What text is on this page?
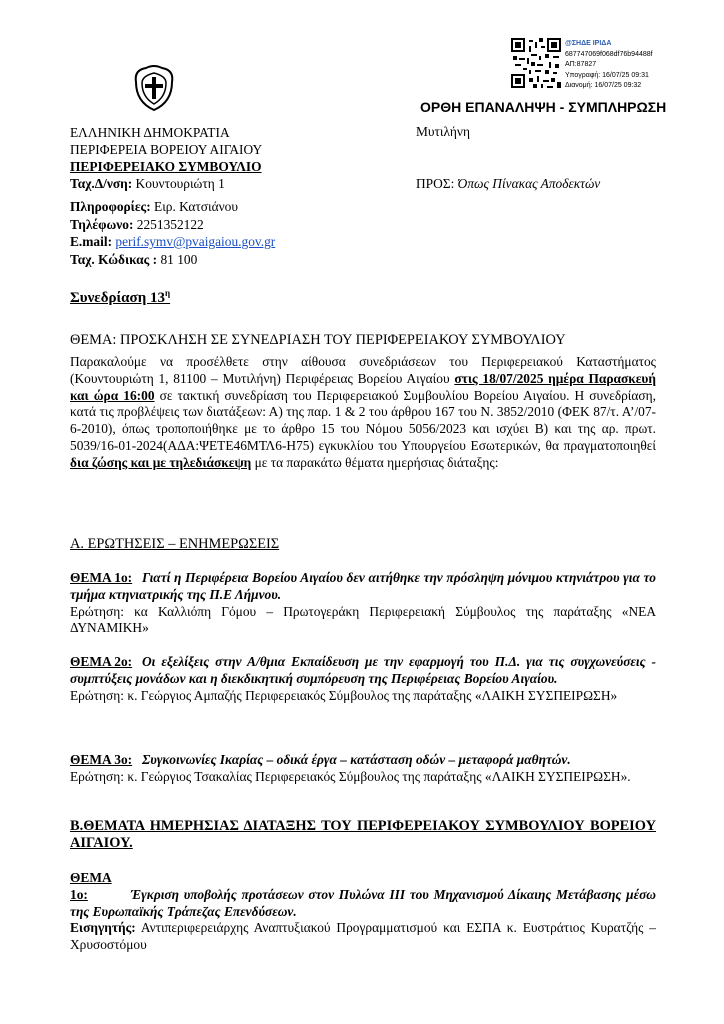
@ΣΗΔΕ ΙΡΙΔΑ
687747069f068df76b94488f
ΑΠ:87827
Υπογραφή: 16/07/25 09:31
Διανομή: 16/07/25 09:32
ΟΡΘΗ ΕΠΑΝΑΛΗΨΗ - ΣΥΜΠΛΗΡΩΣΗ
ΕΛΛΗΝΙΚΗ ΔΗΜΟΚΡΑΤΙΑ
ΠΕΡΙΦΕΡΕΙΑ ΒΟΡΕΙΟΥ ΑΙΓΑΙΟΥ
ΠΕΡΙΦΕΡΕΙΑΚΟ ΣΥΜΒΟΥΛΙΟ
Ταχ.Δ/νση: Κουντουριώτη 1
Μυτιλήνη
ΠΡΟΣ: Όπως Πίνακας Αποδεκτών
Πληροφορίες: Ειρ. Κατσιάνου
Τηλέφωνο: 2251352122
E.mail: perif.symv@pvaigaiou.gov.gr
Ταχ. Κώδικας : 81 100
Συνεδρίαση $13^\eta$
ΘΕΜΑ: ΠΡΟΣΚΛΗΣΗ ΣΕ ΣΥΝΕΔΡΙΑΣΗ ΤΟΥ ΠΕΡΙΦΕΡΕΙΑΚΟΥ ΣΥΜΒΟΥΛΙΟΥ
Παρακαλούμε να προσέλθετε στην αίθουσα συνεδριάσεων του Περιφερειακού Καταστήματος (Κουντουριώτη 1, 81100 – Μυτιλήνη) Περιφέρειας Βορείου Αιγαίου στις 18/07/2025 ημέρα Παρασκευή και ώρα 16:00 σε τακτική συνεδρίαση του Περιφερειακού Συμβουλίου Βορείου Αιγαίου. Η συνεδρίαση, κατά τις προβλέψεις των διατάξεων: Α) της παρ. 1 & 2 του άρθρου 167 του Ν. 3852/2010 (ΦΕΚ 87/τ. Α’/07-6-2010), όπως τροποποιήθηκε με το άρθρο 15 του Νόμου 5056/2023 και ισχύει Β) και της αρ. πρωτ. 5039/16-01-2024(ΑΔΑ:ΨΕΤΕ46ΜΤΛ6-Η75) εγκυκλίου του Υπουργείου Εσωτερικών, θα πραγματοποιηθεί δια ζώσης και με τηλεδιάσκεψη με τα παρακάτω θέματα ημερήσιας διάταξης:
Α. ΕΡΩΤΗΣΕΙΣ – ΕΝΗΜΕΡΩΣΕΙΣ
ΘΕΜΑ 1ο: Γιατί η Περιφέρεια Βορείου Αιγαίου δεν αιτήθηκε την πρόσληψη μόνιμου κτηνιάτρου για το τμήμα κτηνιατρικής της Π.Ε Λήμνου.
Ερώτηση: κα Καλλιόπη Γόμου – Πρωτογεράκη Περιφερειακή Σύμβουλος της παράταξης «ΝΕΑ ΔΥΝΑΜΙΚΗ»
ΘΕΜΑ 2ο: Οι εξελίξεις στην Α/θμια Εκπαίδευση με την εφαρμογή του Π.Δ. για τις συγχωνεύσεις - συμπτύξεις μονάδων και η διεκδικητική συμπόρευση της Περιφέρειας Βορείου Αιγαίου.
Ερώτηση: κ. Γεώργιος Αμπαζής Περιφερειακός Σύμβουλος της παράταξης «ΛΑΙΚΗ ΣΥΣΠΕΙΡΩΣΗ»
ΘΕΜΑ 3ο: Συγκοινωνίες Ικαρίας – οδικά έργα – κατάσταση οδών – μεταφορά μαθητών.
Ερώτηση: κ. Γεώργιος Τσακαλίας Περιφερειακός Σύμβουλος της παράταξης «ΛΑΙΚΗ ΣΥΣΠΕΙΡΩΣΗ».
Β.ΘΕΜΑΤΑ ΗΜΕΡΗΣΙΑΣ ΔΙΑΤΑΞΗΣ ΤΟΥ ΠΕΡΙΦΕΡΕΙΑΚΟΥ ΣΥΜΒΟΥΛΙΟΥ ΒΟΡΕΙΟΥ ΑΙΓΑΙΟΥ.
ΘΕΜΑ 1ο:	Έγκριση υποβολής προτάσεων στον Πυλώνα ΙΙΙ του Μηχανισμού Δίκαιης Μετάβασης μέσω της Ευρωπαϊκής Τράπεζας Επενδύσεων.
Εισηγητής: Αντιπεριφερειάρχης Αναπτυξιακού Προγραμματισμού και ΕΣΠΑ κ. Ευστράτιος Κυρατζής – Χρυσοστόμου
